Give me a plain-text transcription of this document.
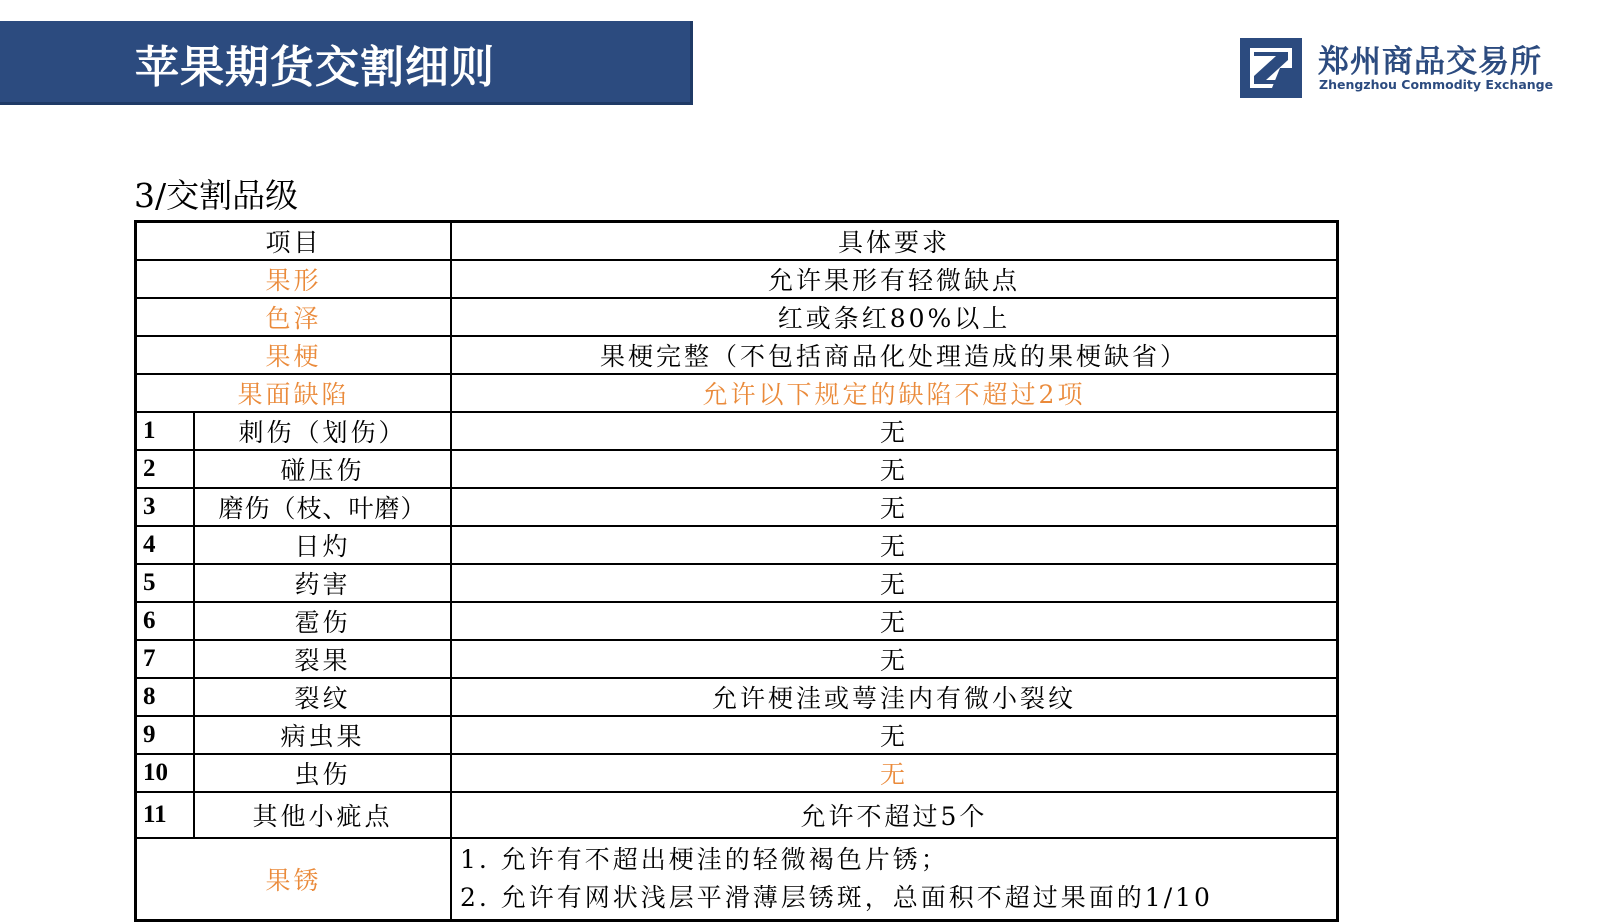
苹果期货交割细则	郑州商品交易所
Zhengzhou Commodity Exchange
3/交割品级
项目		具体要求
果形		允许果形有轻微缺点
色泽		红或条红80%以上
果梗		果梗完整（不包括商品化处理造成的果梗缺省）
果面缺陷		允许以下规定的缺陷不超过2项
1	刺伤（划伤）	无
2	碰压伤	无
3	磨伤（枝、叶磨）	无
4	日灼	无
5	药害	无
6	雹伤	无
7	裂果	无
8	裂纹	允许梗洼或萼洼内有微小裂纹
9	病虫果	无
10	虫伤	无
11	其他小疵点	允许不超过5个
果锈		1. 允许有不超出梗洼的轻微褐色片锈；
2. 允许有网状浅层平滑薄层锈斑，总面积不超过果面的1/10
